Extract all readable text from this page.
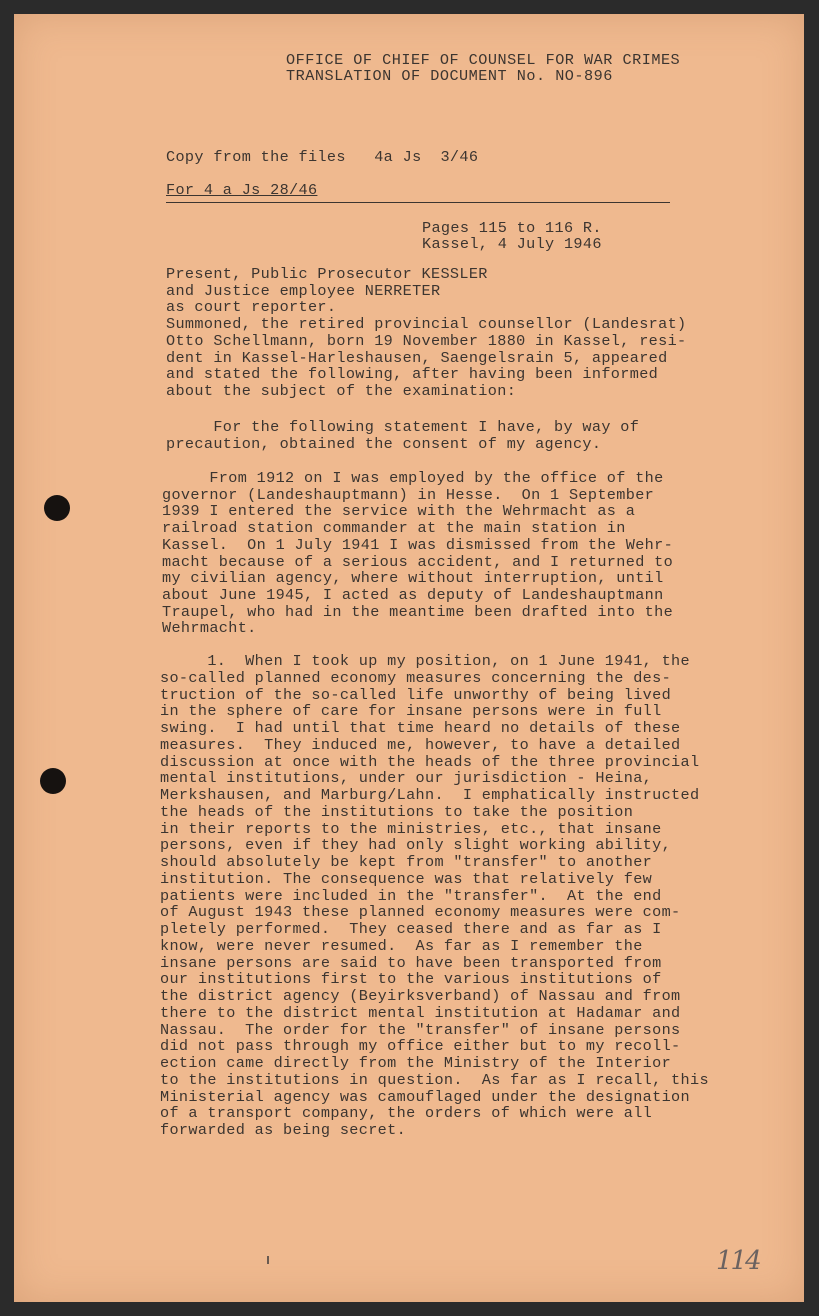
OFFICE OF CHIEF OF COUNSEL FOR WAR CRIMES
TRANSLATION OF DOCUMENT No. NO-896
Copy from the files   4a Js  3/46
For 4 a Js 28/46
Pages 115 to 116 R.
Kassel, 4 July 1946
Present, Public Prosecutor KESSLER
and Justice employee NERRETER
as court reporter.
Summoned, the retired provincial counsellor (Landesrat)
Otto Schellmann, born 19 November 1880 in Kassel, resi-
dent in Kassel-Harleshausen, Saengelsrain 5, appeared
and stated the following, after having been informed
about the subject of the examination:
For the following statement I have, by way of
precaution, obtained the consent of my agency.
From 1912 on I was employed by the office of the
governor (Landeshauptmann) in Hesse.  On 1 September
1939 I entered the service with the Wehrmacht as a
railroad station commander at the main station in
Kassel.  On 1 July 1941 I was dismissed from the Wehr-
macht because of a serious accident, and I returned to
my civilian agency, where without interruption, until
about June 1945, I acted as deputy of Landeshauptmann
Traupel, who had in the meantime been drafted into the
Wehrmacht.
1.  When I took up my position, on 1 June 1941, the
so-called planned economy measures concerning the des-
truction of the so-called life unworthy of being lived
in the sphere of care for insane persons were in full
swing.  I had until that time heard no details of these
measures.  They induced me, however, to have a detailed
discussion at once with the heads of the three provincial
mental institutions, under our jurisdiction - Heina,
Merkshausen, and Marburg/Lahn.  I emphatically instructed
the heads of the institutions to take the position
in their reports to the ministries, etc., that insane
persons, even if they had only slight working ability,
should absolutely be kept from "transfer" to another
institution. The consequence was that relatively few
patients were included in the "transfer".  At the end
of August 1943 these planned economy measures were com-
pletely performed.  They ceased there and as far as I
know, were never resumed.  As far as I remember the
insane persons are said to have been transported from
our institutions first to the various institutions of
the district agency (Beyirksverband) of Nassau and from
there to the district mental institution at Hadamar and
Nassau.  The order for the "transfer" of insane persons
did not pass through my office either but to my recoll-
ection came directly from the Ministry of the Interior
to the institutions in question.  As far as I recall, this
Ministerial agency was camouflaged under the designation
of a transport company, the orders of which were all
forwarded as being secret.
114
